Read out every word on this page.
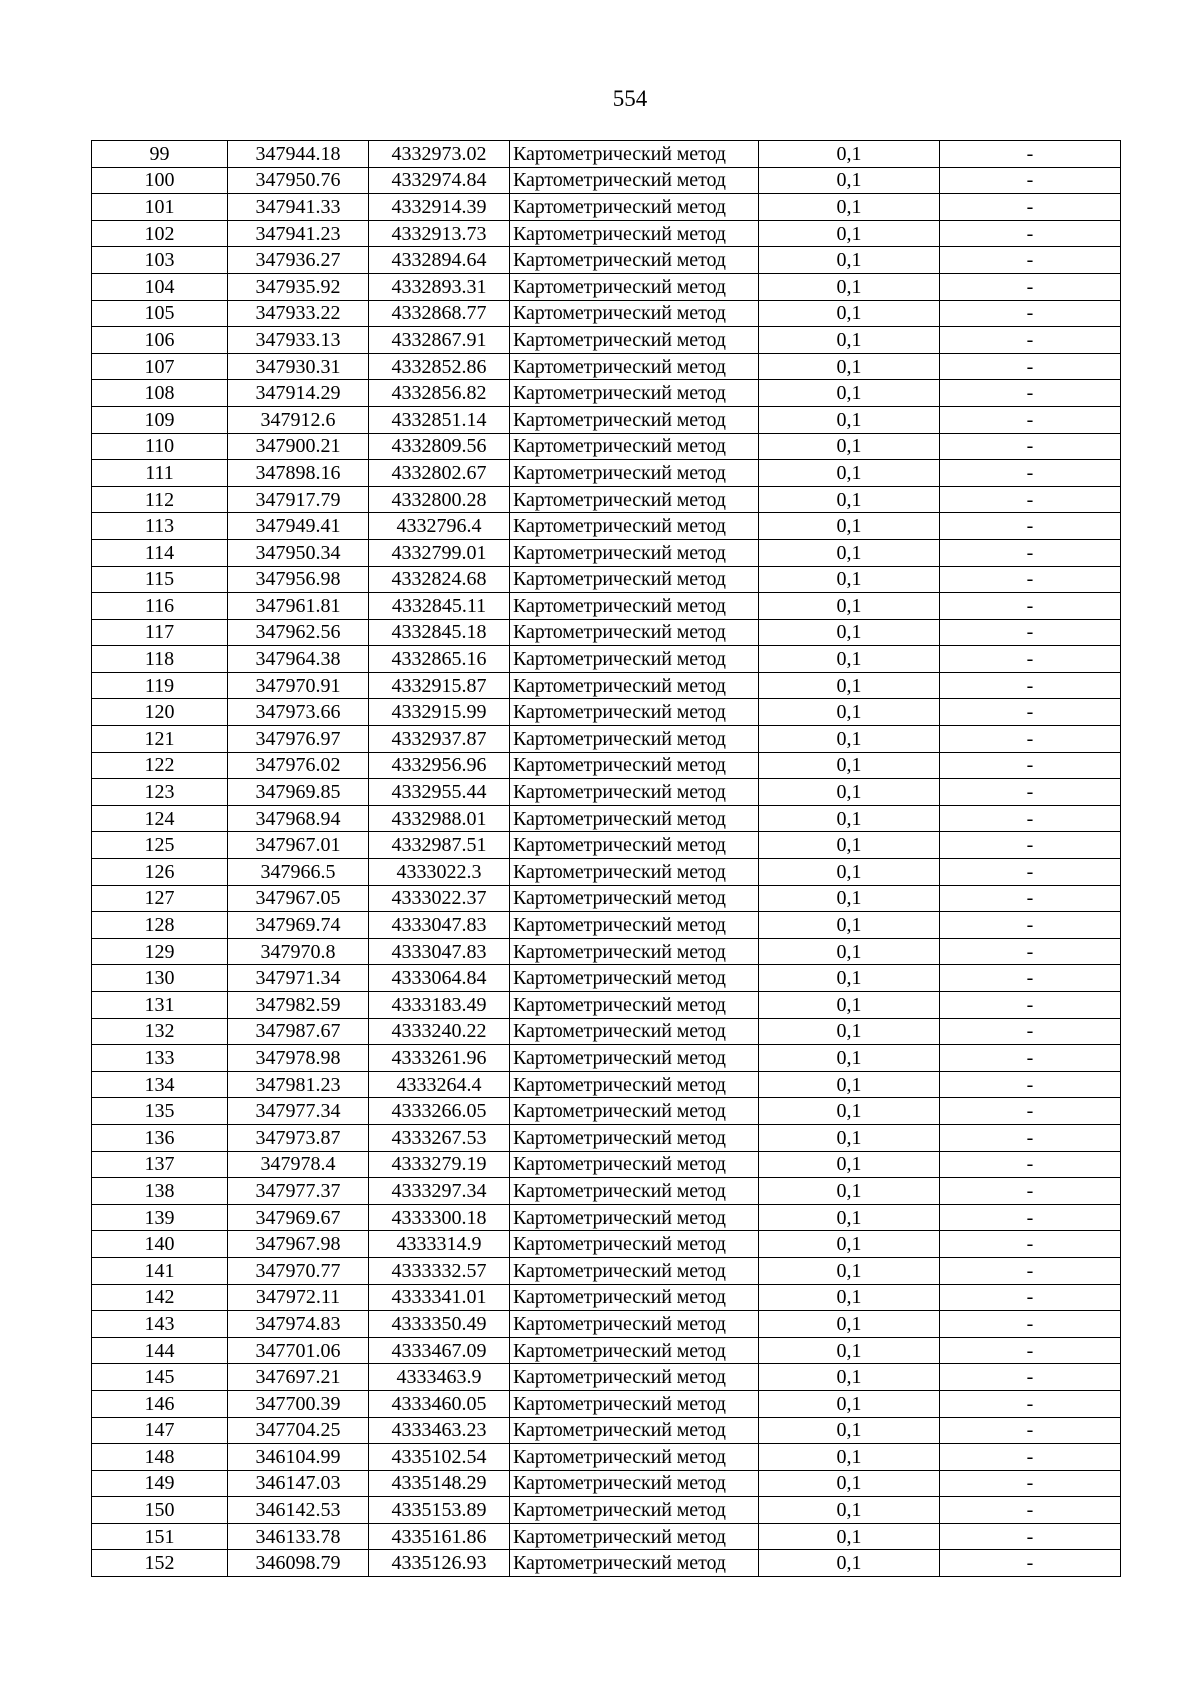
554
99	347944.18	4332973.02	Картометрический метод	0,1	-
100	347950.76	4332974.84	Картометрический метод	0,1	-
101	347941.33	4332914.39	Картометрический метод	0,1	-
102	347941.23	4332913.73	Картометрический метод	0,1	-
103	347936.27	4332894.64	Картометрический метод	0,1	-
104	347935.92	4332893.31	Картометрический метод	0,1	-
105	347933.22	4332868.77	Картометрический метод	0,1	-
106	347933.13	4332867.91	Картометрический метод	0,1	-
107	347930.31	4332852.86	Картометрический метод	0,1	-
108	347914.29	4332856.82	Картометрический метод	0,1	-
109	347912.6	4332851.14	Картометрический метод	0,1	-
110	347900.21	4332809.56	Картометрический метод	0,1	-
111	347898.16	4332802.67	Картометрический метод	0,1	-
112	347917.79	4332800.28	Картометрический метод	0,1	-
113	347949.41	4332796.4	Картометрический метод	0,1	-
114	347950.34	4332799.01	Картометрический метод	0,1	-
115	347956.98	4332824.68	Картометрический метод	0,1	-
116	347961.81	4332845.11	Картометрический метод	0,1	-
117	347962.56	4332845.18	Картометрический метод	0,1	-
118	347964.38	4332865.16	Картометрический метод	0,1	-
119	347970.91	4332915.87	Картометрический метод	0,1	-
120	347973.66	4332915.99	Картометрический метод	0,1	-
121	347976.97	4332937.87	Картометрический метод	0,1	-
122	347976.02	4332956.96	Картометрический метод	0,1	-
123	347969.85	4332955.44	Картометрический метод	0,1	-
124	347968.94	4332988.01	Картометрический метод	0,1	-
125	347967.01	4332987.51	Картометрический метод	0,1	-
126	347966.5	4333022.3	Картометрический метод	0,1	-
127	347967.05	4333022.37	Картометрический метод	0,1	-
128	347969.74	4333047.83	Картометрический метод	0,1	-
129	347970.8	4333047.83	Картометрический метод	0,1	-
130	347971.34	4333064.84	Картометрический метод	0,1	-
131	347982.59	4333183.49	Картометрический метод	0,1	-
132	347987.67	4333240.22	Картометрический метод	0,1	-
133	347978.98	4333261.96	Картометрический метод	0,1	-
134	347981.23	4333264.4	Картометрический метод	0,1	-
135	347977.34	4333266.05	Картометрический метод	0,1	-
136	347973.87	4333267.53	Картометрический метод	0,1	-
137	347978.4	4333279.19	Картометрический метод	0,1	-
138	347977.37	4333297.34	Картометрический метод	0,1	-
139	347969.67	4333300.18	Картометрический метод	0,1	-
140	347967.98	4333314.9	Картометрический метод	0,1	-
141	347970.77	4333332.57	Картометрический метод	0,1	-
142	347972.11	4333341.01	Картометрический метод	0,1	-
143	347974.83	4333350.49	Картометрический метод	0,1	-
144	347701.06	4333467.09	Картометрический метод	0,1	-
145	347697.21	4333463.9	Картометрический метод	0,1	-
146	347700.39	4333460.05	Картометрический метод	0,1	-
147	347704.25	4333463.23	Картометрический метод	0,1	-
148	346104.99	4335102.54	Картометрический метод	0,1	-
149	346147.03	4335148.29	Картометрический метод	0,1	-
150	346142.53	4335153.89	Картометрический метод	0,1	-
151	346133.78	4335161.86	Картометрический метод	0,1	-
152	346098.79	4335126.93	Картометрический метод	0,1	-
